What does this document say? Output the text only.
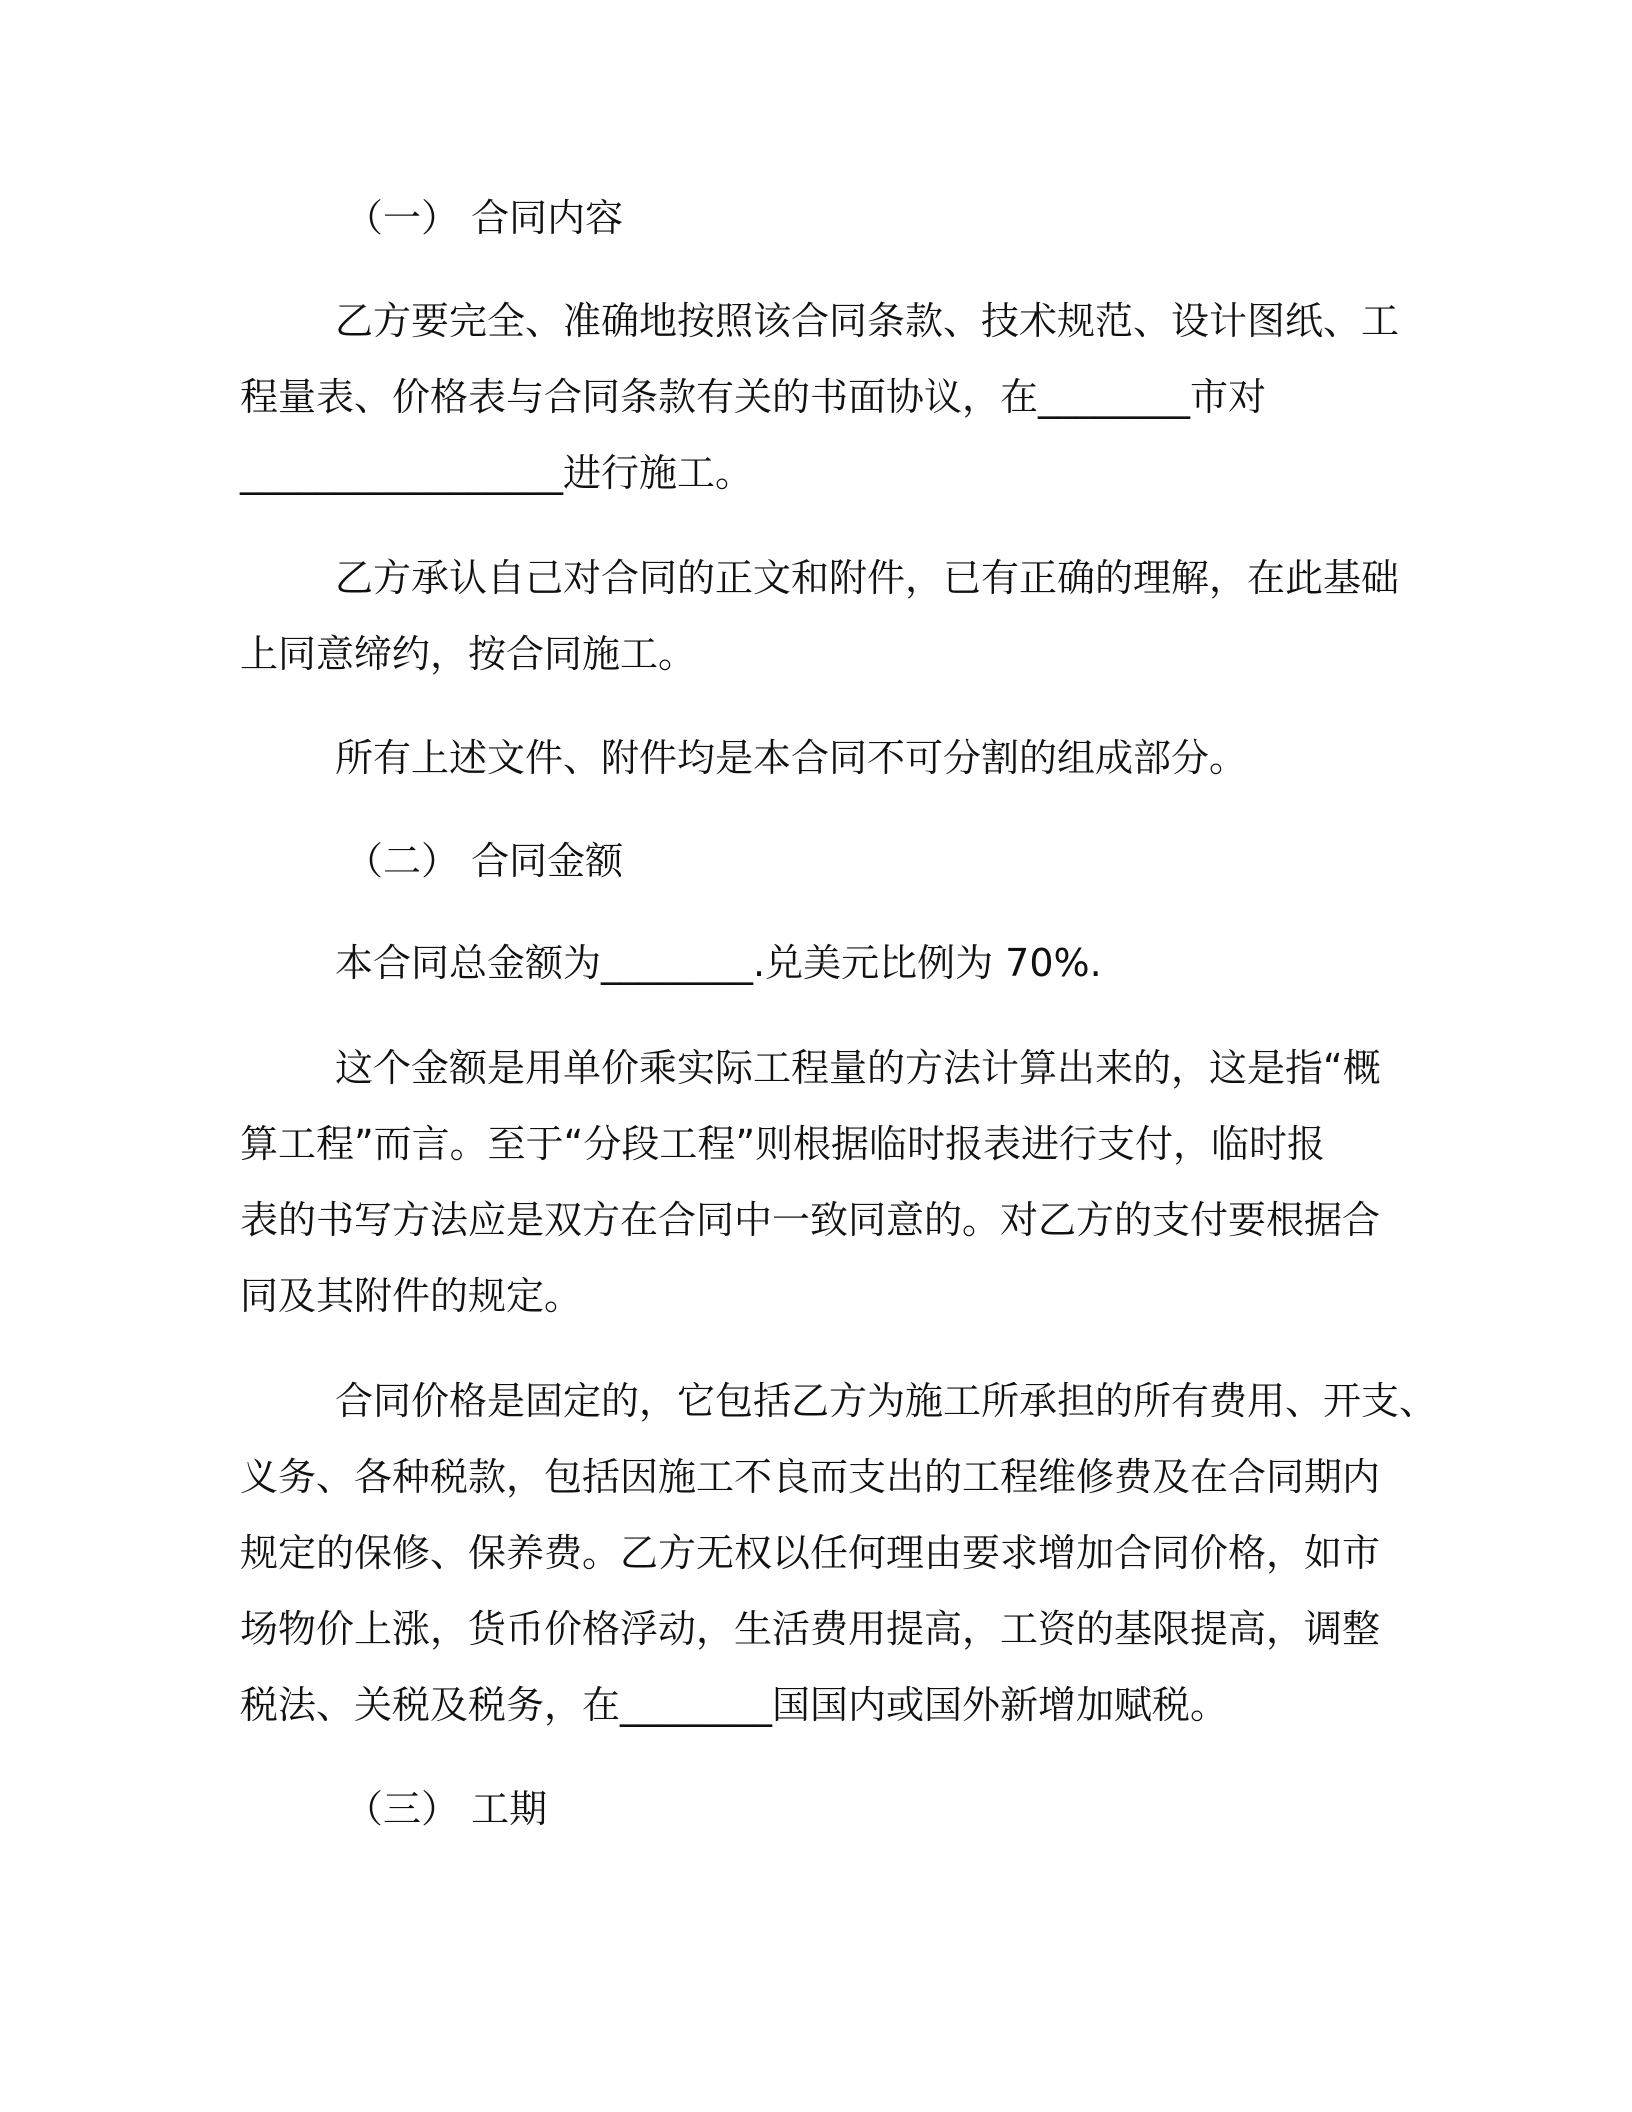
（一） 合同内容
乙方要完全、准确地按照该合同条款、技术规范、设计图纸、工
程量表、价格表与合同条款有关的书面协议，在________市对
_________________进行施工。
乙方承认自己对合同的正文和附件，已有正确的理解，在此基础
上同意缔约，按合同施工。
所有上述文件、附件均是本合同不可分割的组成部分。
（二） 合同金额
本合同总金额为________.兑美元比例为 70%.
这个金额是用单价乘实际工程量的方法计算出来的，这是指“概
算工程”而言。至于“分段工程”则根据临时报表进行支付，临时报
表的书写方法应是双方在合同中一致同意的。对乙方的支付要根据合
同及其附件的规定。
合同价格是固定的，它包括乙方为施工所承担的所有费用、开支、
义务、各种税款，包括因施工不良而支出的工程维修费及在合同期内
规定的保修、保养费。乙方无权以任何理由要求增加合同价格，如市
场物价上涨，货币价格浮动，生活费用提高，工资的基限提高，调整
税法、关税及税务，在________国国内或国外新增加赋税。
（三） 工期
